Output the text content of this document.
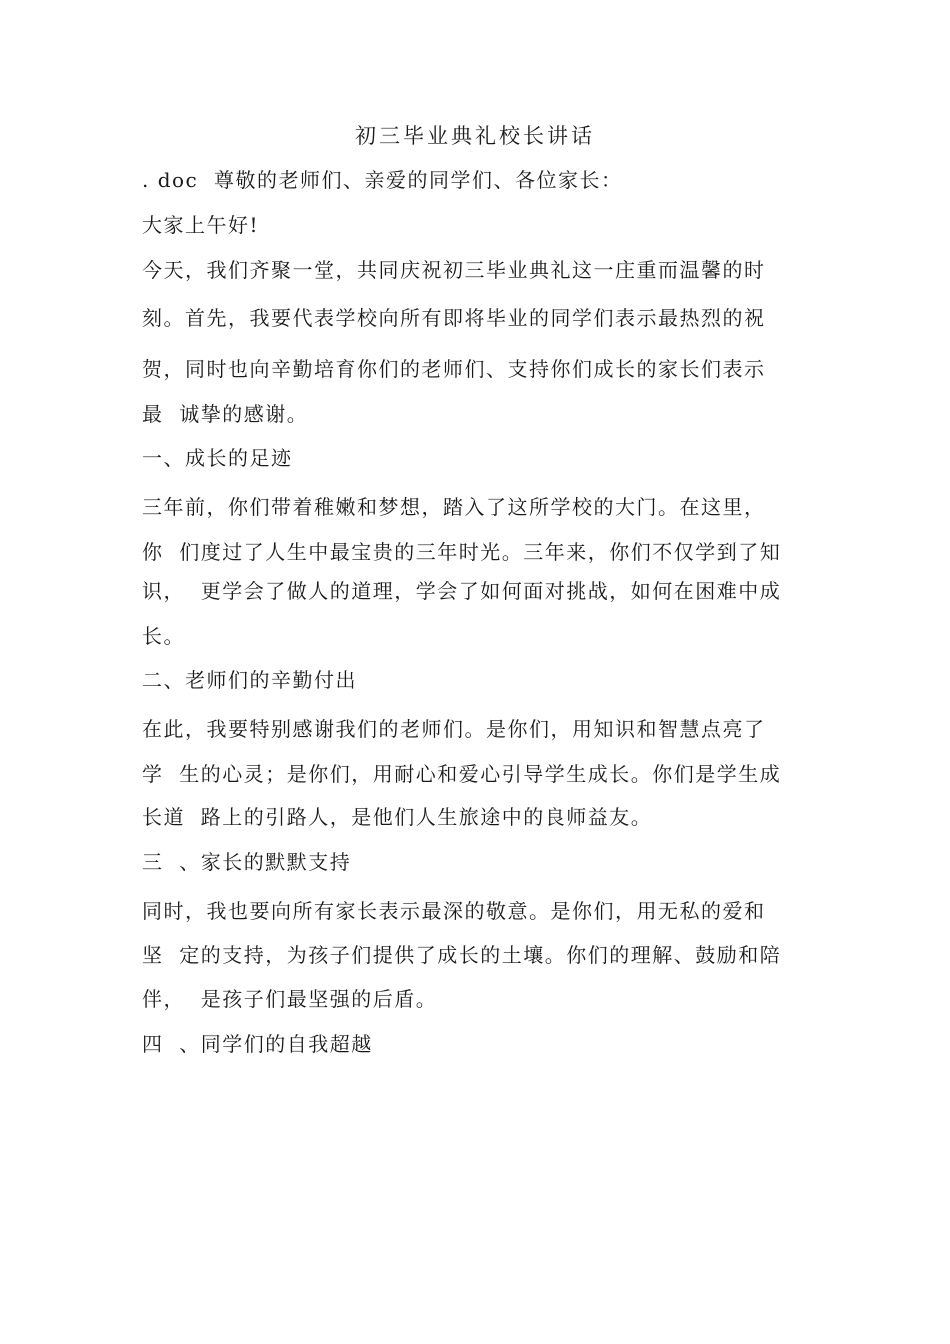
初三毕业典礼校长讲话
. doc  尊敬的老师们、亲爱的同学们、各位家长：
大家上午好!
今天，我们齐聚一堂，共同庆祝初三毕业典礼这一庄重而温馨的时
刻。首先，我要代表学校向所有即将毕业的同学们表示最热烈的祝
贺，同时也向辛勤培育你们的老师们、支持你们成长的家长们表示
最  诚挚的感谢。
一、成长的足迹
三年前，你们带着稚嫩和梦想，踏入了这所学校的大门。在这里，
你  们度过了人生中最宝贵的三年时光。三年来，你们不仅学到了知
识，  更学会了做人的道理，学会了如何面对挑战，如何在困难中成
长。
二、老师们的辛勤付出
在此，我要特别感谢我们的老师们。是你们，用知识和智慧点亮了
学  生的心灵；是你们，用耐心和爱心引导学生成长。你们是学生成
长道  路上的引路人，是他们人生旅途中的良师益友。
三  、家长的默默支持
同时，我也要向所有家长表示最深的敬意。是你们，用无私的爱和
坚  定的支持，为孩子们提供了成长的土壤。你们的理解、鼓励和陪
伴，  是孩子们最坚强的后盾。
四  、同学们的自我超越
